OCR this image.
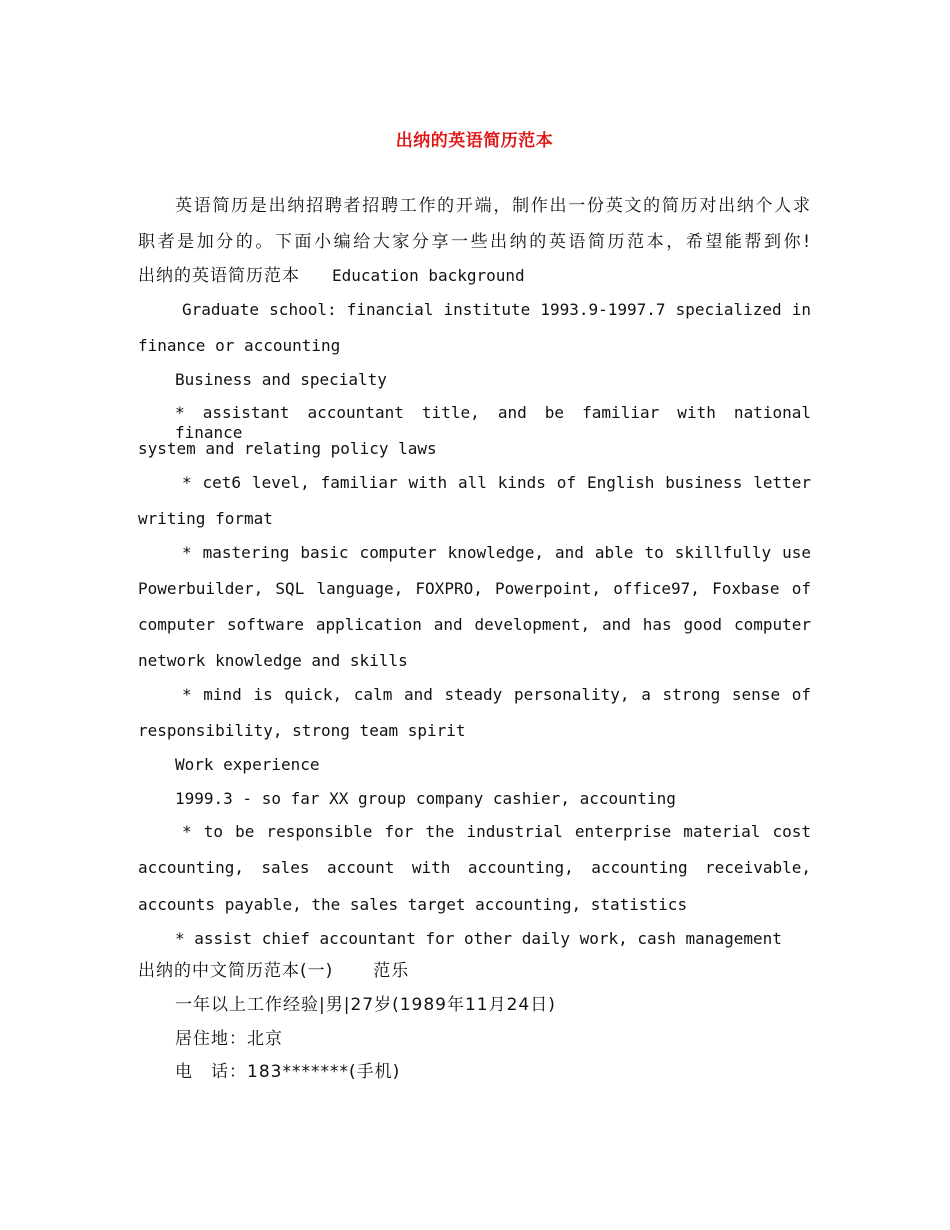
出纳的英语简历范本
英语简历是出纳招聘者招聘工作的开端，制作出一份英文的简历对出纳个人求
职者是加分的。下面小编给大家分享一些出纳的英语简历范本，希望能帮到你!
出纳的英语简历范本 Education background
Graduate school: financial institute 1993.9-1997.7 specialized in
finance or accounting
Business and specialty
* assistant accountant title, and be familiar with national finance
system and relating policy laws
* cet6 level, familiar with all kinds of English business letter
writing format
* mastering basic computer knowledge, and able to skillfully use
Powerbuilder, SQL language, FOXPRO, Powerpoint, office97, Foxbase of
computer software application and development, and has good computer
network knowledge and skills
* mind is quick, calm and steady personality, a strong sense of
responsibility, strong team spirit
Work experience
1999.3 - so far XX group company cashier, accounting
* to be responsible for the industrial enterprise material cost
accounting, sales account with accounting, accounting receivable,
accounts payable, the sales target accounting, statistics
* assist chief accountant for other daily work, cash management
出纳的中文简历范本(一) 范乐
一年以上工作经验|男|27岁(1989年11月24日)
居住地：北京
电　话：183*******(手机)
